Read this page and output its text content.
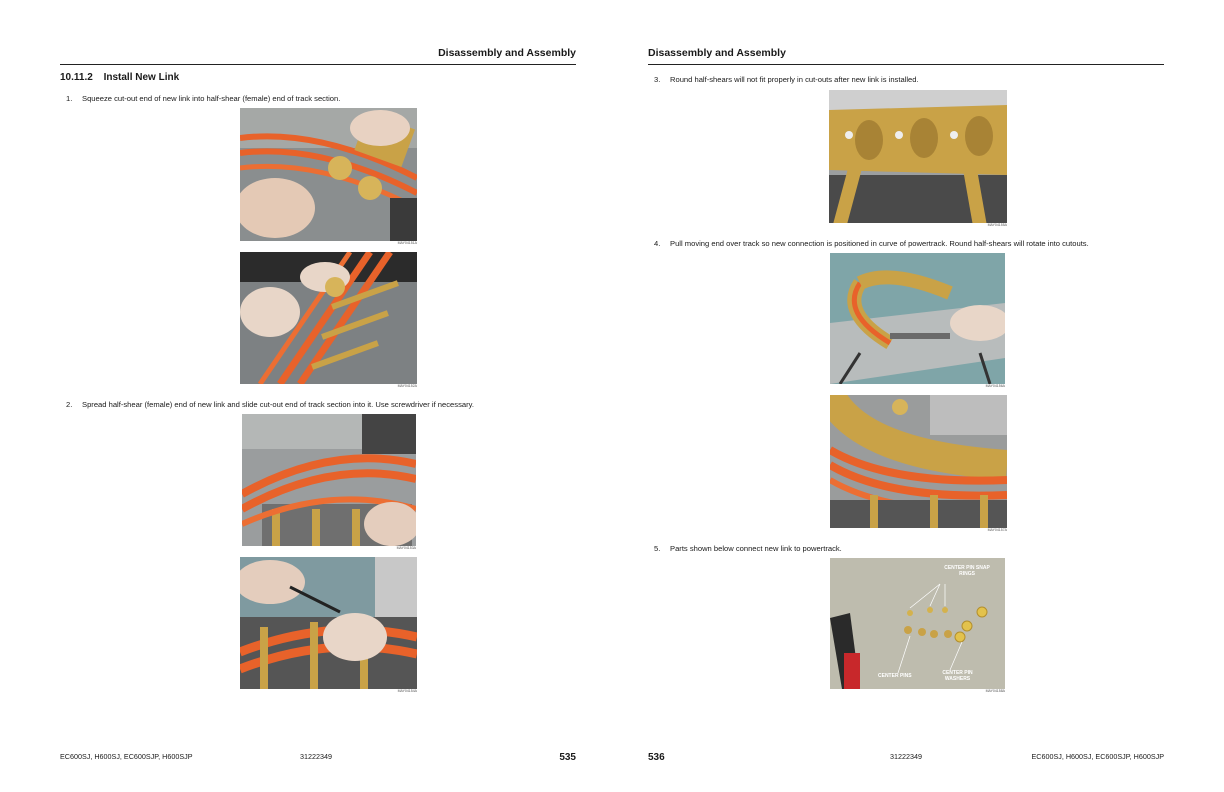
Disassembly and Assembly
10.11.2 Install New Link
1. Squeeze cut-out end of new link into half-shear (female) end of track section.
MAY04151A
MAY04152A
2. Spread half-shear (female) end of new link and slide cut-out end of track section into it. Use screwdriver if necessary.
MAY04153A
MAY04154A
EC600SJ, H600SJ, EC600SJP, H600SJP	31222349	535
Disassembly and Assembly
3. Round half-shears will not fit properly in cut-outs after new link is installed.
MAY04155A
4. Pull moving end over track so new connection is positioned in curve of powertrack. Round half-shears will rotate into cutouts.
MAY04156A
MAY04157A
5. Parts shown below connect new link to powertrack.
CENTER PIN SNAP RINGS
CENTER PINS	CENTER PIN WASHERS
MAY04158A
536	31222349	EC600SJ, H600SJ, EC600SJP, H600SJP
